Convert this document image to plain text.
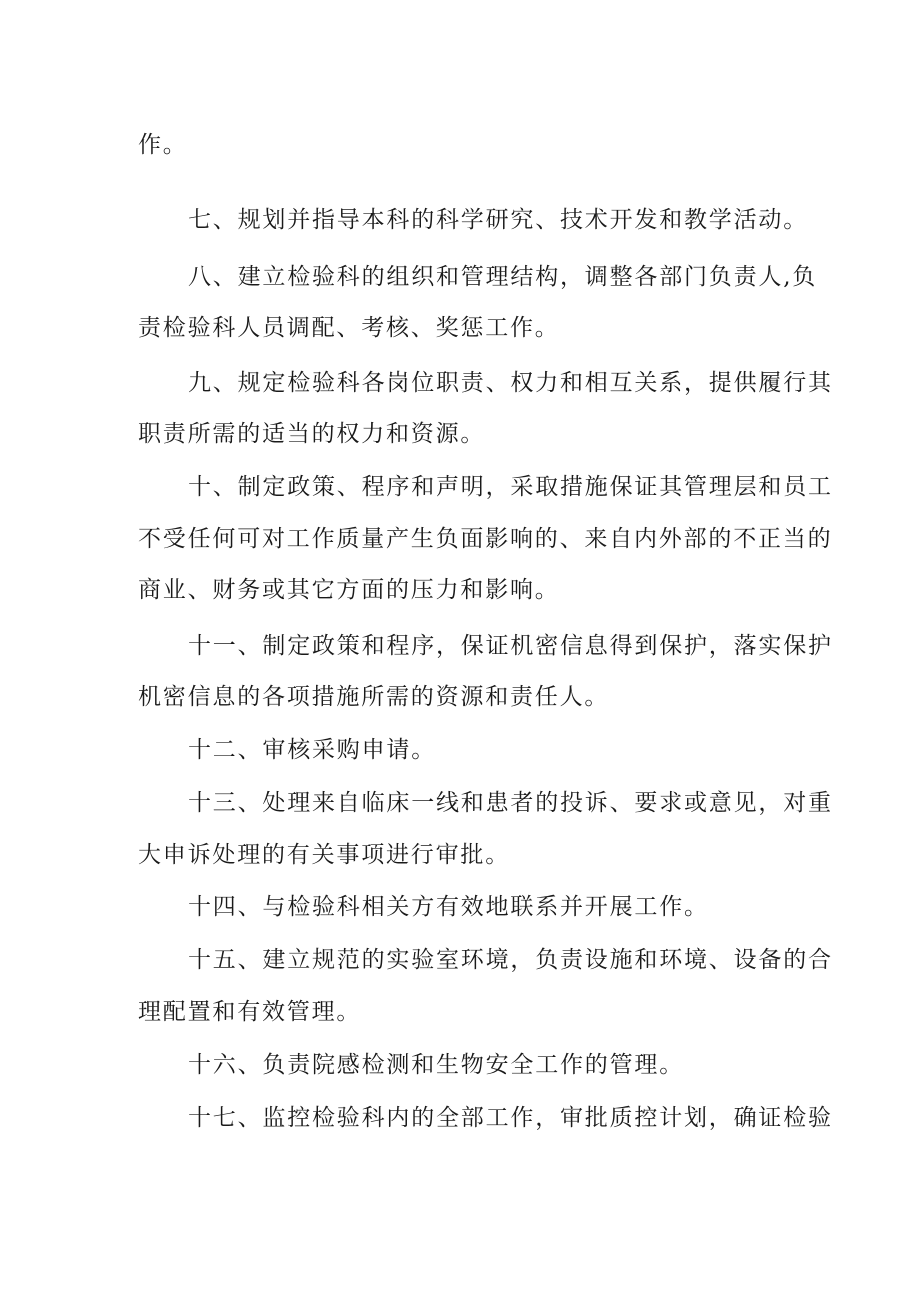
作。
七、规划并指导本科的科学研究、技术开发和教学活动。
八、建立检验科的组织和管理结构，调整各部门负责人,负
责检验科人员调配、考核、奖惩工作。
九、规定检验科各岗位职责、权力和相互关系，提供履行其
职责所需的适当的权力和资源。
十、制定政策、程序和声明，采取措施保证其管理层和员工
不受任何可对工作质量产生负面影响的、来自内外部的不正当的
商业、财务或其它方面的压力和影响。
十一、制定政策和程序，保证机密信息得到保护，落实保护
机密信息的各项措施所需的资源和责任人。
十二、审核采购申请。
十三、处理来自临床一线和患者的投诉、要求或意见，对重
大申诉处理的有关事项进行审批。
十四、与检验科相关方有效地联系并开展工作。
十五、建立规范的实验室环境，负责设施和环境、设备的合
理配置和有效管理。
十六、负责院感检测和生物安全工作的管理。
十七、监控检验科内的全部工作，审批质控计划，确证检验
